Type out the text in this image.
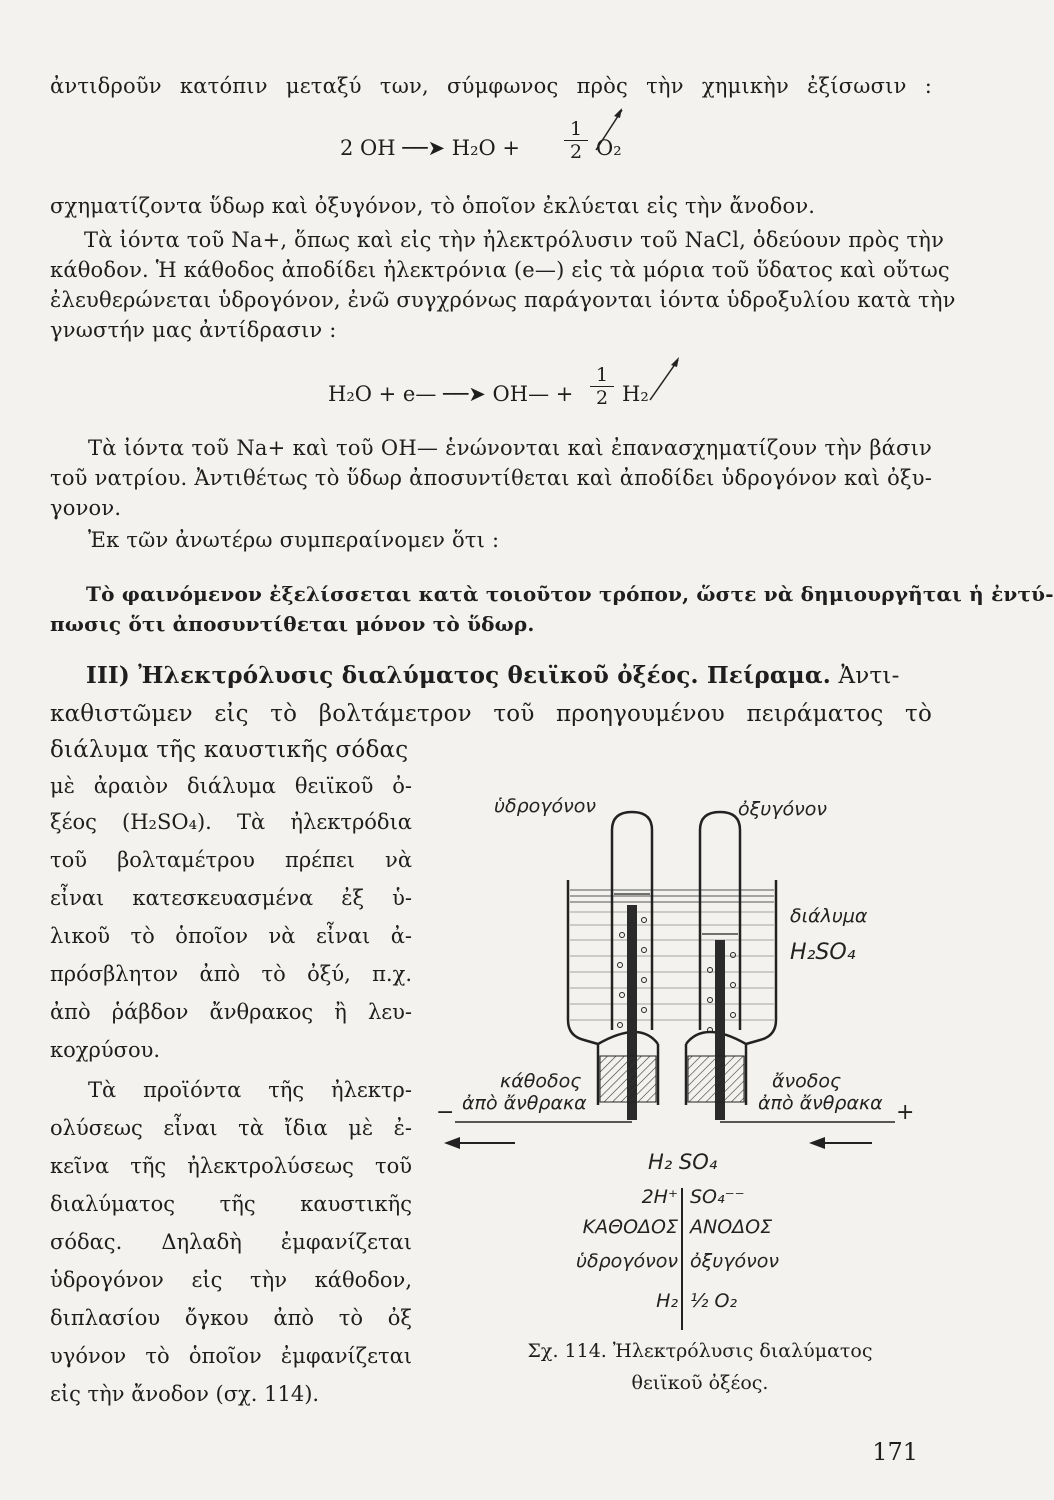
ἀντιδροῦν κατόπιν μεταξύ των, σύμφωνος πρὸς τὴν χημικὴν ἐξίσωσιν :
2 OH ──➤ $H_2O + \frac{1}{2} O_2$
σχηματίζοντα ὕδωρ καὶ ὀξυγόνον, τὸ ὁποῖον ἐκλύεται εἰς τὴν ἄνοδον.
Τὰ ἰόντα τοῦ Na+, ὅπως καὶ εἰς τὴν ἠλεκτρόλυσιν τοῦ NaCl, ὁδεύουν πρὸς τὴν
κάθοδον. Ἡ κάθοδος ἀποδίδει ἠλεκτρόνια (e—) εἰς τὰ μόρια τοῦ ὕδατος καὶ οὕτως
ἐλευθερώνεται ὑδρογόνον, ἐνῶ συγχρόνως παράγονται ἰόντα ὑδροξυλίου κατὰ τὴν
γνωστήν μας ἀντίδρασιν :
H₂O + e— ──➤ OH— + $\frac{1}{2} H_2$
Τὰ ἰόντα τοῦ Na+ καὶ τοῦ OH— ἑνώνονται καὶ ἐπανασχηματίζουν τὴν βάσιν
τοῦ νατρίου. Ἀντιθέτως τὸ ὕδωρ ἀποσυντίθεται καὶ ἀποδίδει ὑδρογόνον καὶ ὀξυ-
γονον.
Ἐκ τῶν ἀνωτέρω συμπεραίνομεν ὅτι :
Τὸ φαινόμενον ἐξελίσσεται κατὰ τοιοῦτον τρόπον, ὥστε νὰ δημιουργῆται ἡ ἐντύ-
πωσις ὅτι ἀποσυντίθεται μόνον τὸ ὕδωρ.
III) Ἠλεκτρόλυσις διαλύματος θειϊκοῦ ὀξέος. Πείραμα. Ἀντι-
καθιστῶμεν εἰς τὸ βολτάμετρον τοῦ προηγουμένου πειράματος τὸ
διάλυμα τῆς καυστικῆς σόδας
μὲ ἀραιὸν διάλυμα θειϊκοῦ ὀ-
ξέος (H₂SO₄). Τὰ ἠλεκτρόδια
τοῦ βολταμέτρου πρέπει νὰ
εἶναι κατεσκευασμένα ἐξ ὑ-
λικοῦ τὸ ὁποῖον νὰ εἶναι ἀ-
πρόσβλητον ἀπὸ τὸ ὀξύ, π.χ.
ἀπὸ ῥάβδον ἄνθρακος ἢ λευ-
κοχρύσου.
Τὰ προϊόντα τῆς ἠλεκτρ-
ολύσεως εἶναι τὰ ἴδια μὲ ἐ-
κεῖνα τῆς ἠλεκτρολύσεως τοῦ
διαλύματος τῆς καυστικῆς
σόδας. Δηλαδὴ ἐμφανίζεται
ὑδρογόνον εἰς τὴν κάθοδον,
διπλασίου ὄγκου ἀπὸ τὸ ὀξ
υγόνον τὸ ὁποῖον ἐμφανίζεται
εἰς τὴν ἄνοδον (σχ. 114).
ὑδρογόνον	ὀξυγόνον
διάλυμα
H₂SO₄
κάθοδος
ἀπὸ ἄνθρακα
ἄνοδος
ἀπὸ ἄνθρακα
−	+
H₂ SO₄
2H⁺ SO₄⁻⁻
ΚΑΘΟΔΟΣ ΑΝΟΔΟΣ
ὑδρογόνον ὀξυγόνον
H₂ ½ O₂
Σχ. 114. Ἠλεκτρόλυσις διαλύματος
θειϊκοῦ ὀξέος.
171
